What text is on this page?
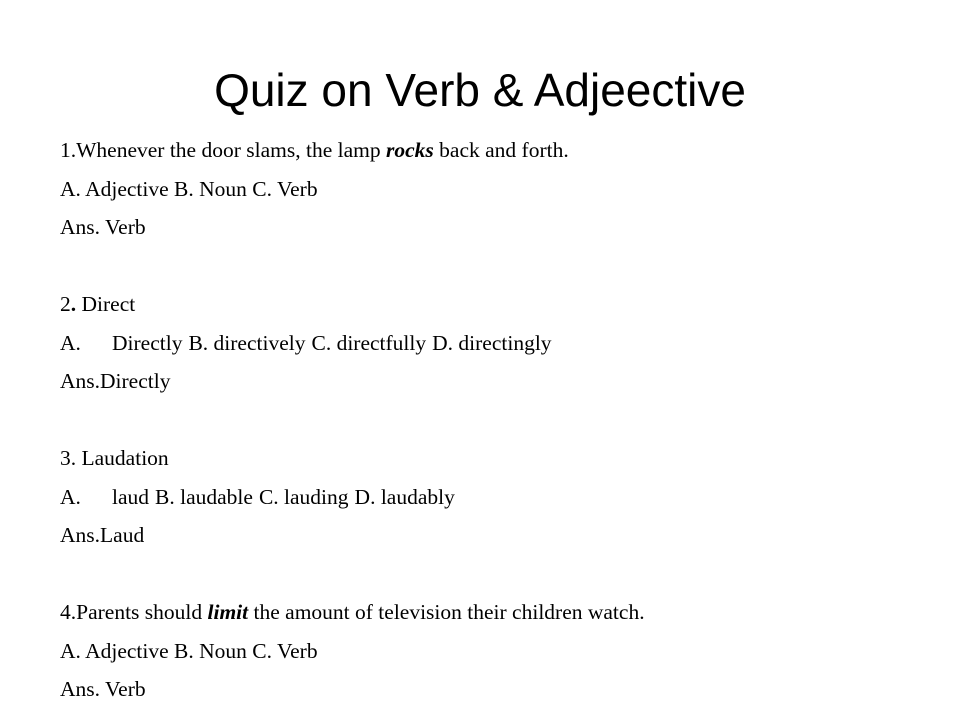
Quiz on Verb & Adjeective
1.Whenever the door slams, the lamp rocks back and forth.
A. Adjective B. Noun C. Verb
Ans. Verb
2. Direct
A. Directly B. directively C. directfully D. directingly
Ans.Directly
3. Laudation
A. laud B. laudable C. lauding D. laudably
Ans.Laud
4.Parents should limit the amount of television their children watch.
A. Adjective B. Noun C. Verb
Ans. Verb
